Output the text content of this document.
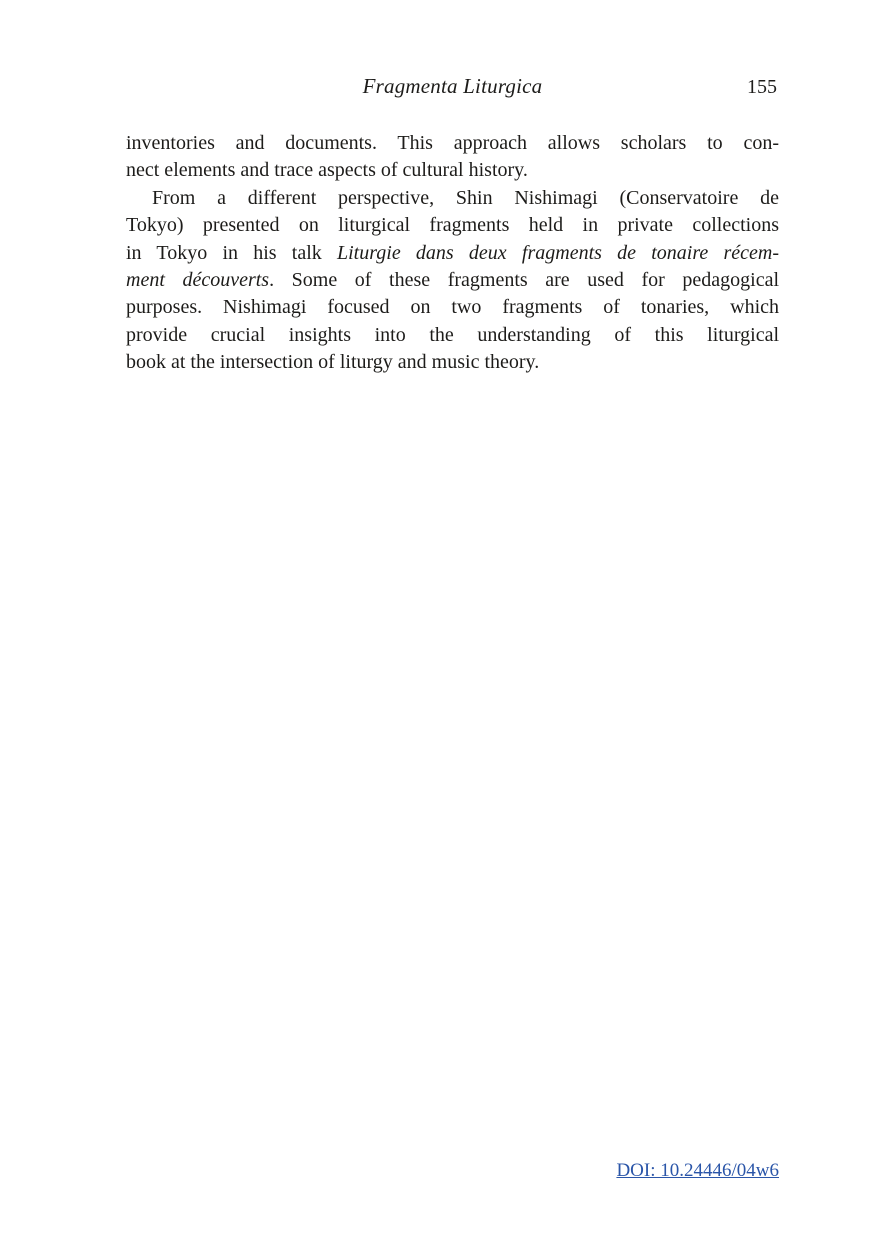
Fragmenta Liturgica	155
inventories and documents. This approach allows scholars to con-
nect elements and trace aspects of cultural history.
From a different perspective, Shin Nishimagi (Conservatoire de
Tokyo) presented on liturgical fragments held in private collections
in Tokyo in his talk Liturgie dans deux fragments de tonaire récem-
ment découverts. Some of these fragments are used for pedagogical
purposes. Nishimagi focused on two fragments of tonaries, which
provide crucial insights into the understanding of this liturgical
book at the intersection of liturgy and music theory.
DOI: 10.24446/04w6
